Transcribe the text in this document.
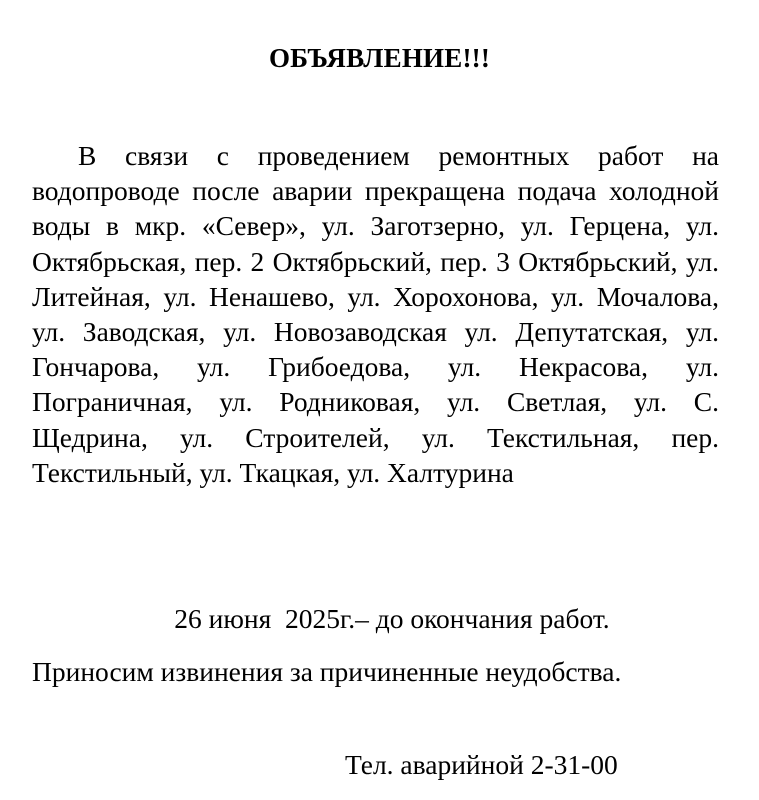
ОБЪЯВЛЕНИЕ!!!

В связи с проведением ремонтных работ на водопроводе после аварии прекращена подача холодной воды в мкр. «Север», ул. Заготзерно, ул. Герцена, ул. Октябрьская, пер. 2 Октябрьский, пер. 3 Октябрьский, ул. Литейная, ул. Ненашево, ул. Хорохонова, ул. Мочалова, ул. Заводская, ул. Новозаводская ул. Депутатская, ул. Гончарова, ул. Грибоедова, ул. Некрасова, ул. Пограничная, ул. Родниковая, ул. Светлая, ул. С. Щедрина, ул. Строителей, ул. Текстильная, пер. Текстильный, ул. Ткацкая, ул. Халтурина

26 июня  2025г.– до окончания работ.

Приносим извинения за причиненные неудобства.

Тел. аварийной 2-31-00
